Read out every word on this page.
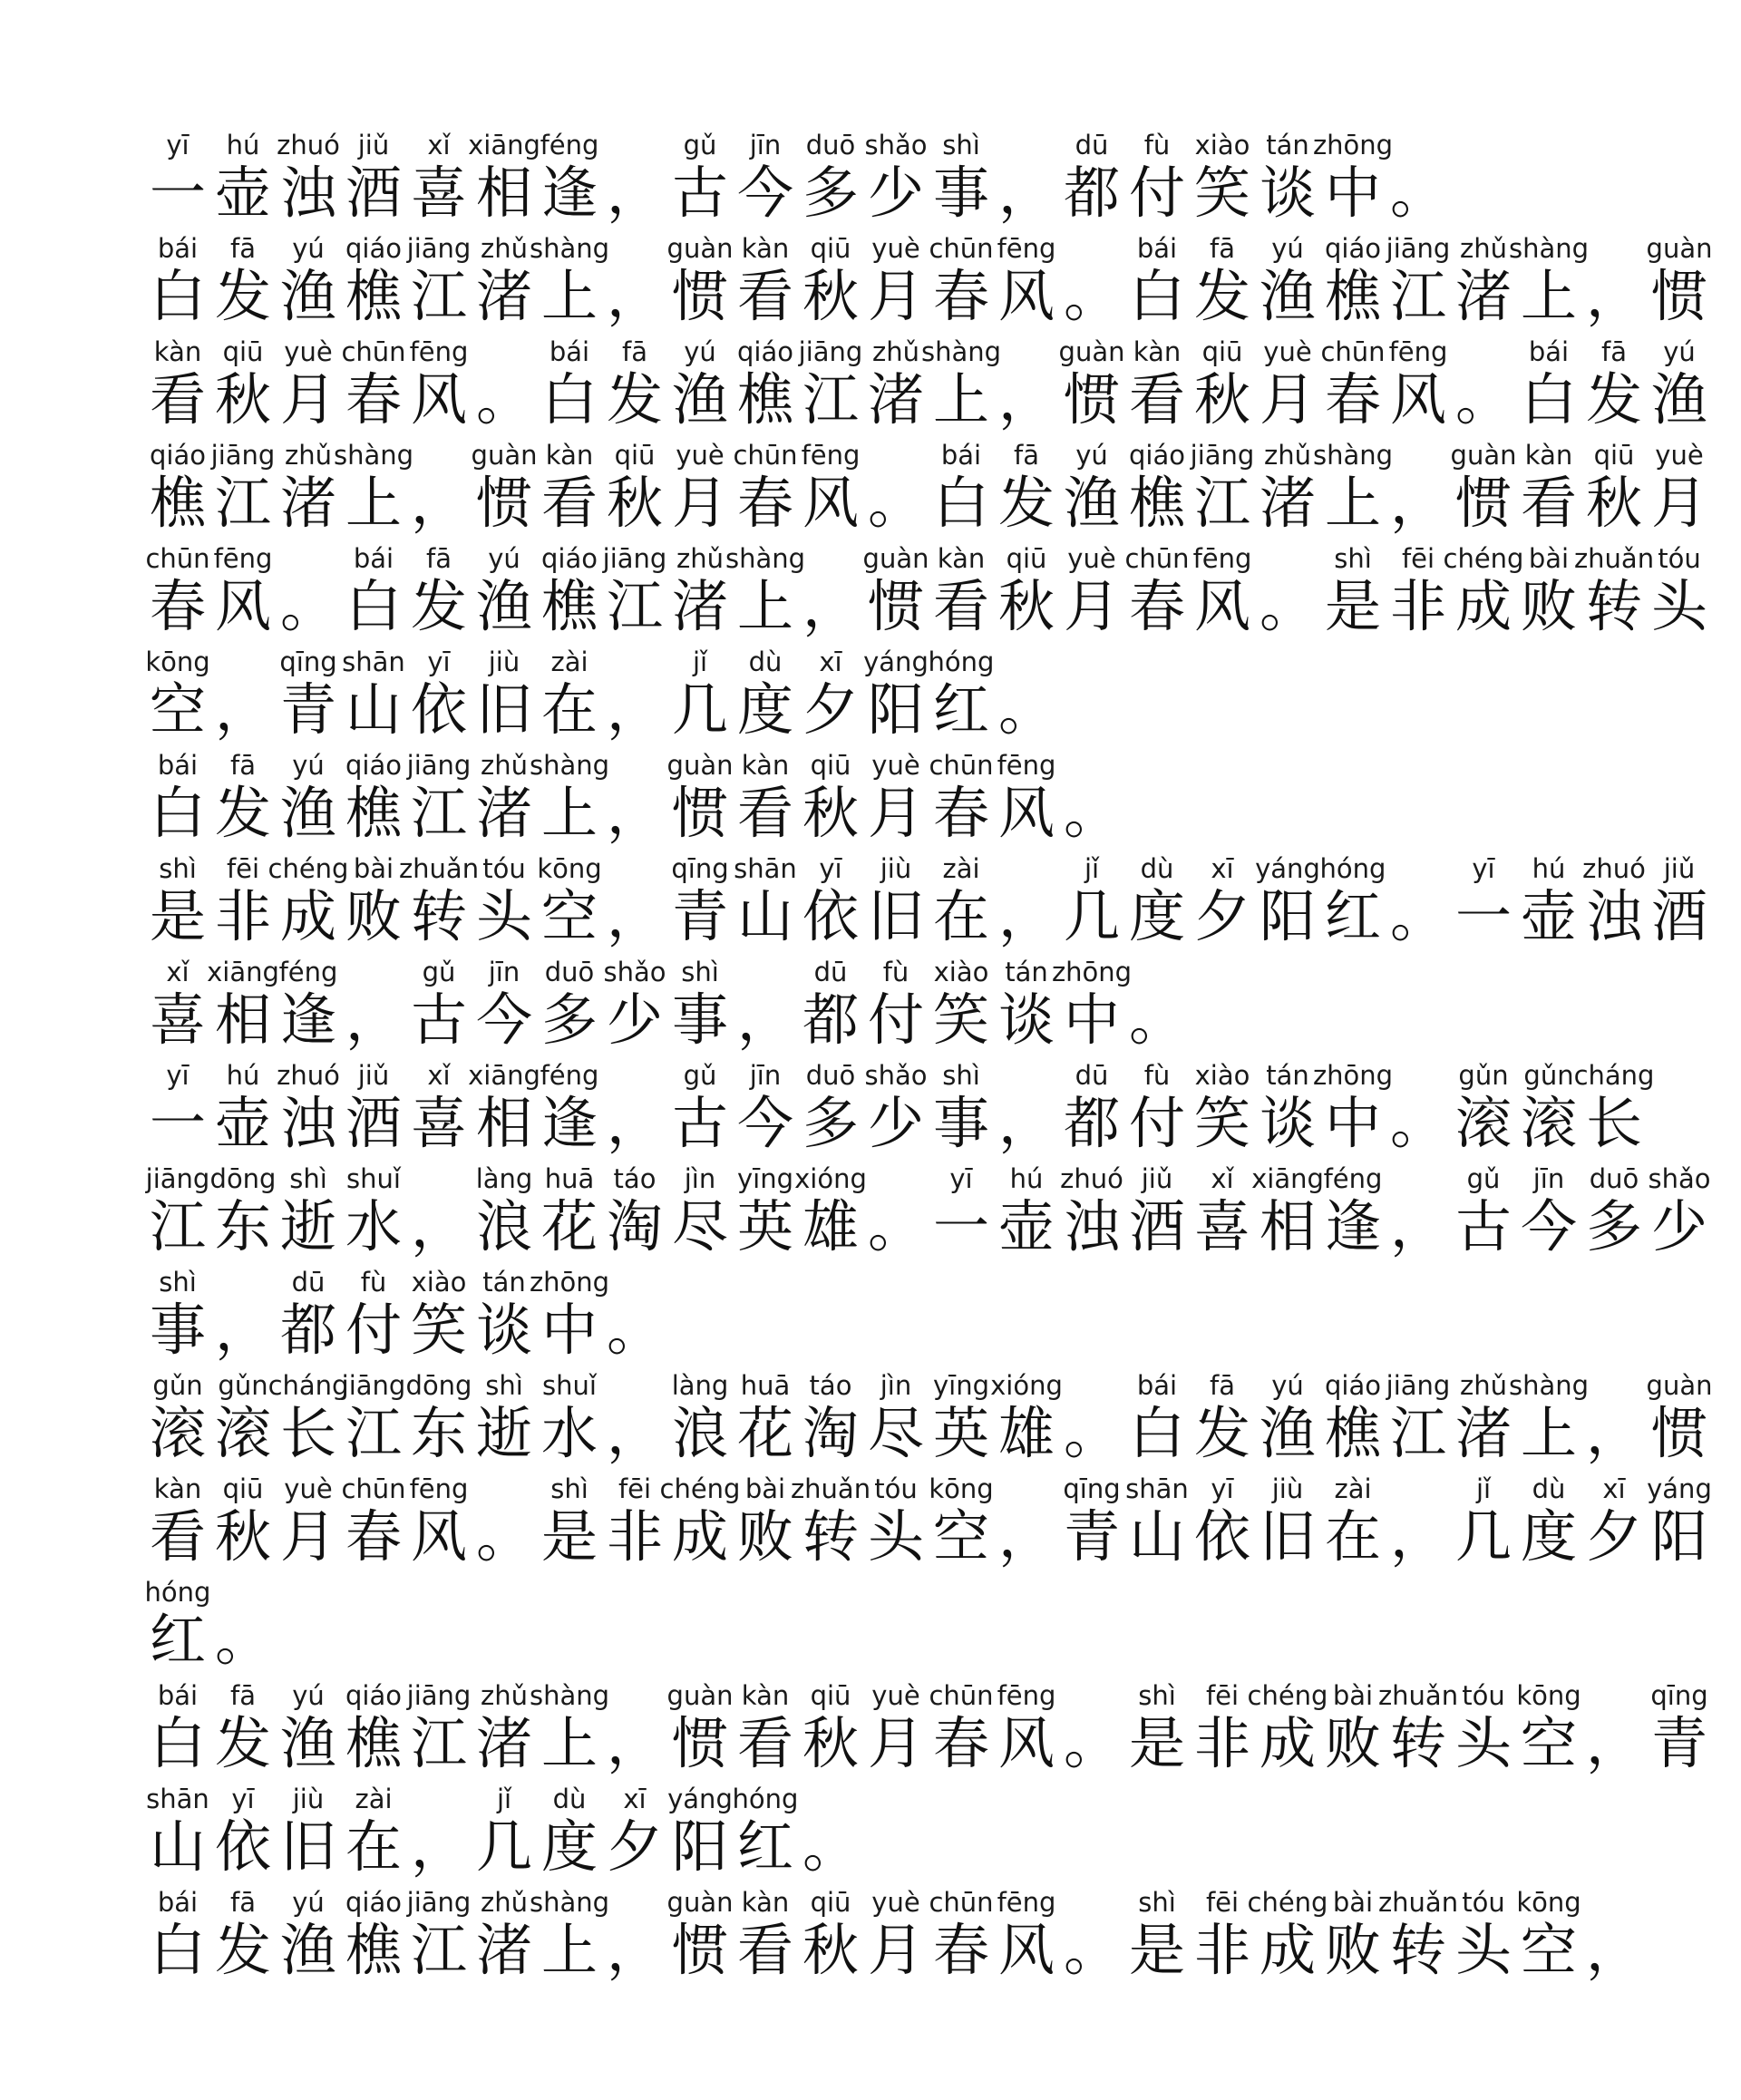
yī
一
hú
壶
zhuó
浊
jiǔ
酒
xǐ
喜
xiāng
相
féng
逢 ，
gǔ
古
jīn
今
duō
多
shǎo
少
shì
事 ，
dū
都
fù
付
xiào
笑
tán
谈
zhōng
中 。
bái
白
fā
发
yú
渔
qiáo
樵
jiāng
江
zhǔ
渚
shàng
上 ，
guàn
惯
kàn
看
qiū
秋
yuè
月
chūn
春
fēng
风 。
bái
白
fā
发
yú
渔
qiáo
樵
jiāng
江
zhǔ
渚
shàng
上 ，
guàn
惯
kàn
看
qiū
秋
yuè
月
chūn
春
fēng
风 。
bái
白
fā
发
yú
渔
qiáo
樵
jiāng
江
zhǔ
渚
shàng
上 ，
guàn
惯
kàn
看
qiū
秋
yuè
月
chūn
春
fēng
风 。
bái
白
fā
发
yú
渔
qiáo
樵
jiāng
江
zhǔ
渚
shàng
上 ，
guàn
惯
kàn
看
qiū
秋
yuè
月
chūn
春
fēng
风 。
bái
白
fā
发
yú
渔
qiáo
樵
jiāng
江
zhǔ
渚
shàng
上 ，
guàn
惯
kàn
看
qiū
秋
yuè
月
chūn
春
fēng
风 。
bái
白
fā
发
yú
渔
qiáo
樵
jiāng
江
zhǔ
渚
shàng
上 ，
guàn
惯
kàn
看
qiū
秋
yuè
月
chūn
春
fēng
风 。
shì
是
fēi
非
chéng
成
bài
败
zhuǎn
转
tóu
头
kōng
空 ，
qīng
青
shān
山
yī
依
jiù
旧
zài
在 ，
jǐ
几
dù
度
xī
夕
yáng
阳
hóng
红 。
bái
白
fā
发
yú
渔
qiáo
樵
jiāng
江
zhǔ
渚
shàng
上 ，
guàn
惯
kàn
看
qiū
秋
yuè
月
chūn
春
fēng
风 。
shì
是
fēi
非
chéng
成
bài
败
zhuǎn
转
tóu
头
kōng
空 ，
qīng
青
shān
山
yī
依
jiù
旧
zài
在 ，
jǐ
几
dù
度
xī
夕
yáng
阳
hóng
红 。
yī
一
hú
壶
zhuó
浊
jiǔ
酒
xǐ
喜
xiāng
相
féng
逢 ，
gǔ
古
jīn
今
duō
多
shǎo
少
shì
事 ，
dū
都
fù
付
xiào
笑
tán
谈
zhōng
中 。
yī
一
hú
壶
zhuó
浊
jiǔ
酒
xǐ
喜
xiāng
相
féng
逢 ，
gǔ
古
jīn
今
duō
多
shǎo
少
shì
事 ，
dū
都
fù
付
xiào
笑
tán
谈
zhōng
中 。
gǔn
滚
gǔn
滚
cháng
长
jiāng
江
dōng
东
shì
逝
shuǐ
水 ，
làng
浪
huā
花
táo
淘
jìn
尽
yīng
英
xióng
雄 。
yī
一
hú
壶
zhuó
浊
jiǔ
酒
xǐ
喜
xiāng
相
féng
逢 ，
gǔ
古
jīn
今
duō
多
shǎo
少
shì
事 ，
dū
都
fù
付
xiào
笑
tán
谈
zhōng
中 。
gǔn
滚
gǔn
滚
cháng
长
jiāng
江
dōng
东
shì
逝
shuǐ
水 ，
làng
浪
huā
花
táo
淘
jìn
尽
yīng
英
xióng
雄 。
bái
白
fā
发
yú
渔
qiáo
樵
jiāng
江
zhǔ
渚
shàng
上 ，
guàn
惯
kàn
看
qiū
秋
yuè
月
chūn
春
fēng
风 。
shì
是
fēi
非
chéng
成
bài
败
zhuǎn
转
tóu
头
kōng
空 ，
qīng
青
shān
山
yī
依
jiù
旧
zài
在 ，
jǐ
几
dù
度
xī
夕
yáng
阳
hóng
红 。
bái
白
fā
发
yú
渔
qiáo
樵
jiāng
江
zhǔ
渚
shàng
上 ，
guàn
惯
kàn
看
qiū
秋
yuè
月
chūn
春
fēng
风 。
shì
是
fēi
非
chéng
成
bài
败
zhuǎn
转
tóu
头
kōng
空 ，
qīng
青
shān
山
yī
依
jiù
旧
zài
在 ，
jǐ
几
dù
度
xī
夕
yáng
阳
hóng
红 。
bái
白
fā
发
yú
渔
qiáo
樵
jiāng
江
zhǔ
渚
shàng
上 ，
guàn
惯
kàn
看
qiū
秋
yuè
月
chūn
春
fēng
风 。
shì
是
fēi
非
chéng
成
bài
败
zhuǎn
转
tóu
头
kōng
空 ，
